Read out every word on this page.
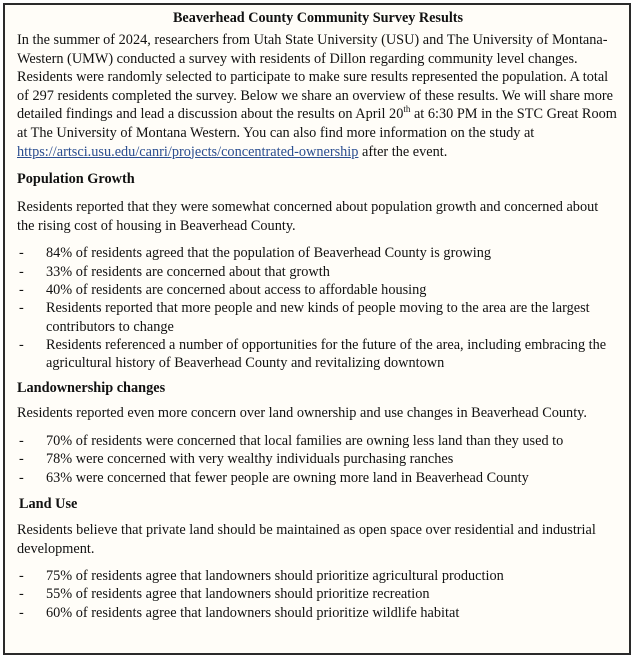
Beaverhead County Community Survey Results

In the summer of 2024, researchers from Utah State University (USU) and The University of Montana-Western (UMW) conducted a survey with residents of Dillon regarding community level changes. Residents were randomly selected to participate to make sure results represented the population. A total of 297 residents completed the survey. Below we share an overview of these results. We will share more detailed findings and lead a discussion about the results on April 20th at 6:30 PM in the STC Great Room at The University of Montana Western. You can also find more information on the study at https://artsci.usu.edu/canri/projects/concentrated-ownership after the event.

Population Growth

Residents reported that they were somewhat concerned about population growth and concerned about the rising cost of housing in Beaverhead County.

- 84% of residents agreed that the population of Beaverhead County is growing
- 33% of residents are concerned about that growth
- 40% of residents are concerned about access to affordable housing
- Residents reported that more people and new kinds of people moving to the area are the largest contributors to change
- Residents referenced a number of opportunities for the future of the area, including embracing the agricultural history of Beaverhead County and revitalizing downtown
Landownership changes

Residents reported even more concern over land ownership and use changes in Beaverhead County.

- 70% of residents were concerned that local families are owning less land than they used to
- 78% were concerned with very wealthy individuals purchasing ranches
- 63% were concerned that fewer people are owning more land in Beaverhead County
Land Use

Residents believe that private land should be maintained as open space over residential and industrial development.

- 75% of residents agree that landowners should prioritize agricultural production
- 55% of residents agree that landowners should prioritize recreation
- 60% of residents agree that landowners should prioritize wildlife habitat
